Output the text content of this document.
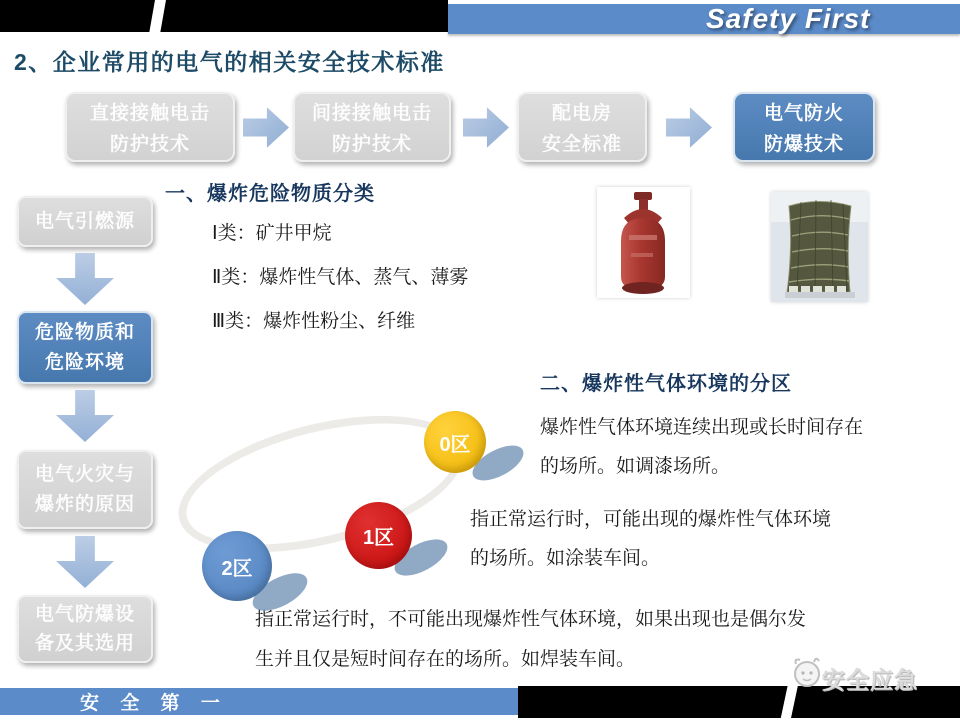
Safety First
2、企业常用的电气的相关安全技术标准
直接接触电击
防护技术
间接接触电击
防护技术
配电房
安全标准
电气防火
防爆技术
电气引燃源
危险物质和
危险环境
电气火灾与
爆炸的原因
电气防爆设
备及其选用
一、爆炸危险物质分类
Ⅰ类：矿井甲烷
Ⅱ类：爆炸性气体、蒸气、薄雾
Ⅲ类：爆炸性粉尘、纤维
0区
1区
2区
二、爆炸性气体环境的分区
爆炸性气体环境连续出现或长时间存在
的场所。如调漆场所。
指正常运行时，可能出现的爆炸性气体环境
的场所。如涂装车间。
指正常运行时，不可能出现爆炸性气体环境，如果出现也是偶尔发
生并且仅是短时间存在的场所。如焊装车间。
安 全 第 一
安全应急
